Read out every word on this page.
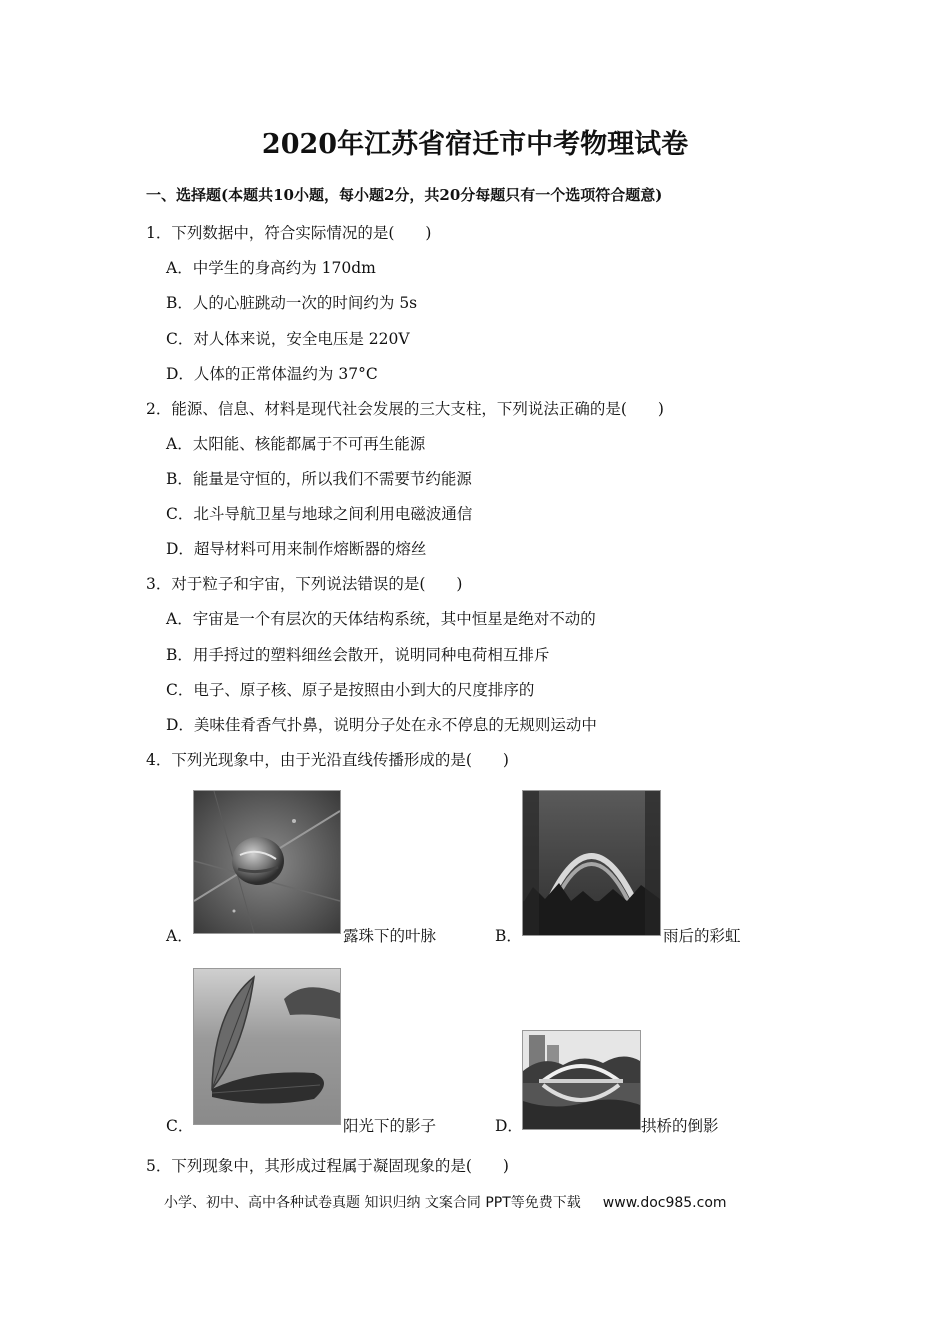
2020年江苏省宿迁市中考物理试卷
一、选择题(本题共10小题，每小题2分，共20分每题只有一个选项符合题意)
1．下列数据中，符合实际情况的是(　　)
A．中学生的身高约为 170dm
B．人的心脏跳动一次的时间约为 5s
C．对人体来说，安全电压是 220V
D．人体的正常体温约为 37°C
2．能源、信息、材料是现代社会发展的三大支柱，下列说法正确的是(　　)
A．太阳能、核能都属于不可再生能源
B．能量是守恒的，所以我们不需要节约能源
C．北斗导航卫星与地球之间利用电磁波通信
D．超导材料可用来制作熔断器的熔丝
3．对于粒子和宇宙，下列说法错误的是(　　)
A．宇宙是一个有层次的天体结构系统，其中恒星是绝对不动的
B．用手捋过的塑料细丝会散开，说明同种电荷相互排斥
C．电子、原子核、原子是按照由小到大的尺度排序的
D．美味佳肴香气扑鼻，说明分子处在永不停息的无规则运动中
4．下列光现象中，由于光沿直线传播形成的是(　　)
A．	露珠下的叶脉	B．	雨后的彩虹
C．	阳光下的影子	D．	拱桥的倒影
5．下列现象中，其形成过程属于凝固现象的是(　　)
小学、初中、高中各种试卷真题 知识归纳 文案合同 PPT等免费下载 www.doc985.com
